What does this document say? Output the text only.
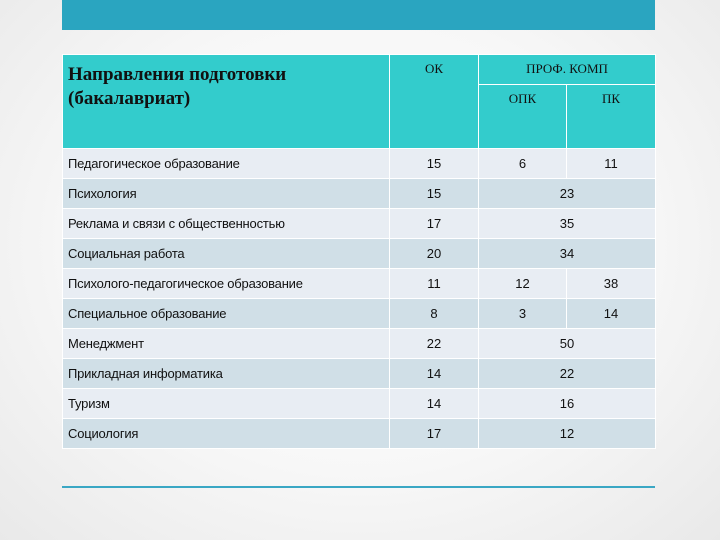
Направления подготовки (бакалавриат)	ОК	ПРОФ. КОМП	
		ОПК	ПК
Педагогическое образование	15	6	11
Психология	15	23	
Реклама и связи с общественностью	17	35	
Социальная работа	20	34	
Психолого-педагогическое образование	11	12	38
Специальное образование	8	3	14
Менеджмент	22	50	
Прикладная информатика	14	22	
Туризм	14	16	
Социология	17	12	
